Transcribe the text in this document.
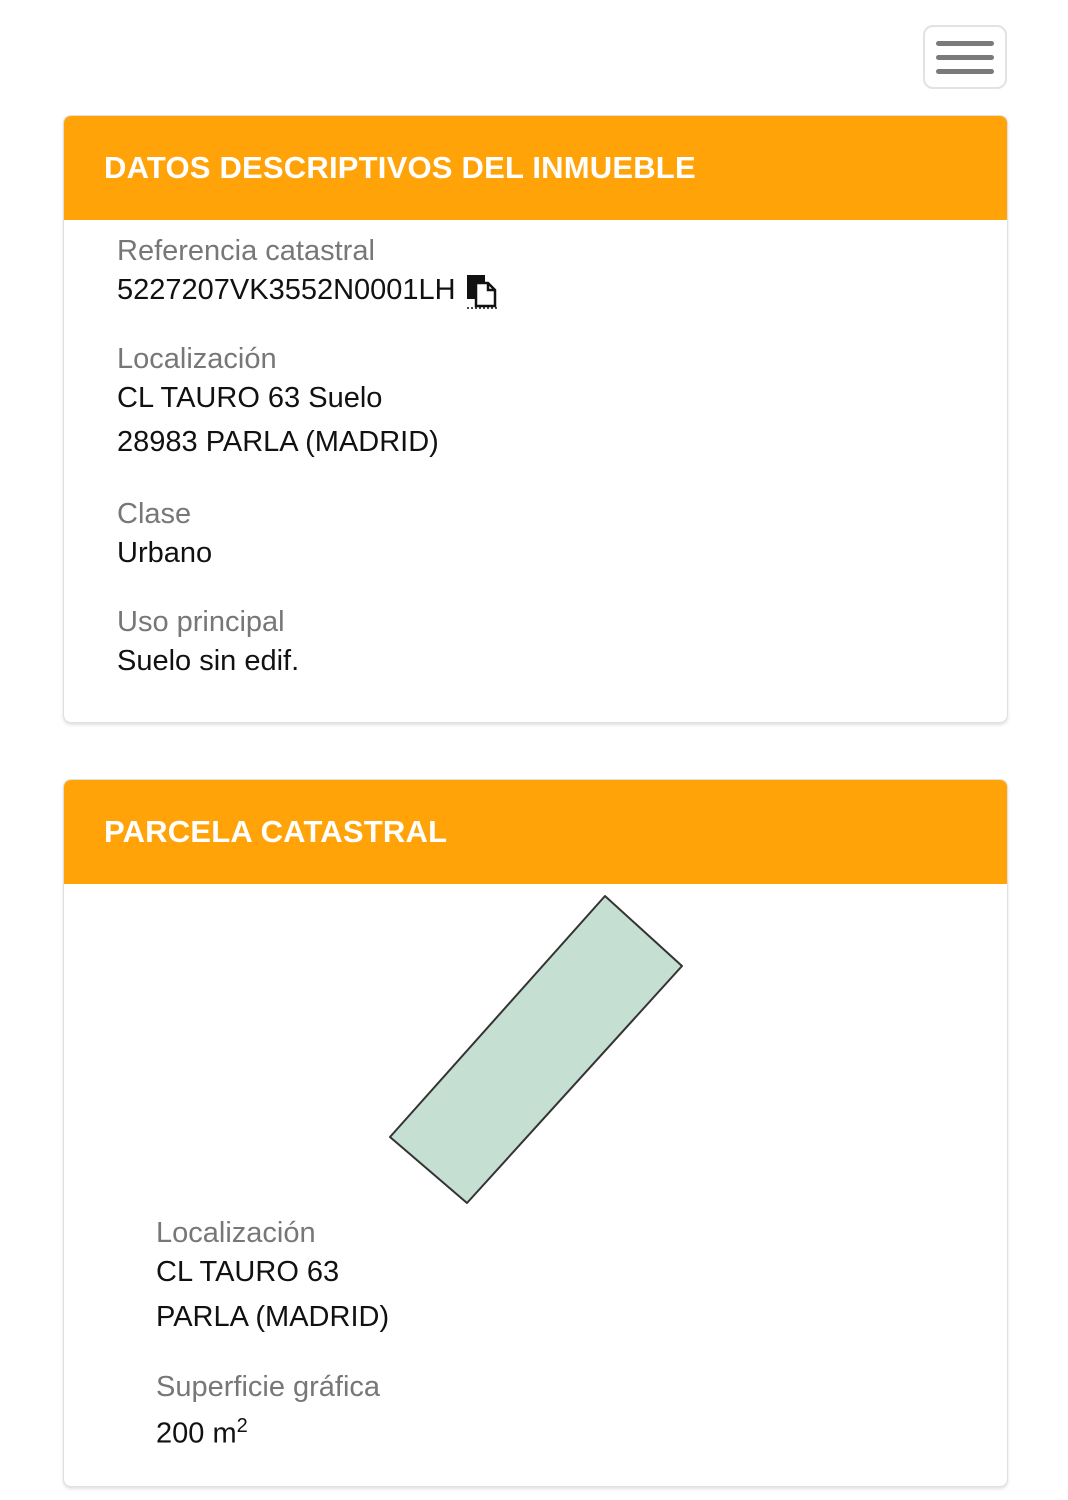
DATOS DESCRIPTIVOS DEL INMUEBLE
Referencia catastral
5227207VK3552N0001LH
Localización
CL TAURO 63 Suelo
28983 PARLA (MADRID)
Clase
Urbano
Uso principal
Suelo sin edif.
PARCELA CATASTRAL
Localización
CL TAURO 63
PARLA (MADRID)
Superficie gráfica
200 $m^2$
